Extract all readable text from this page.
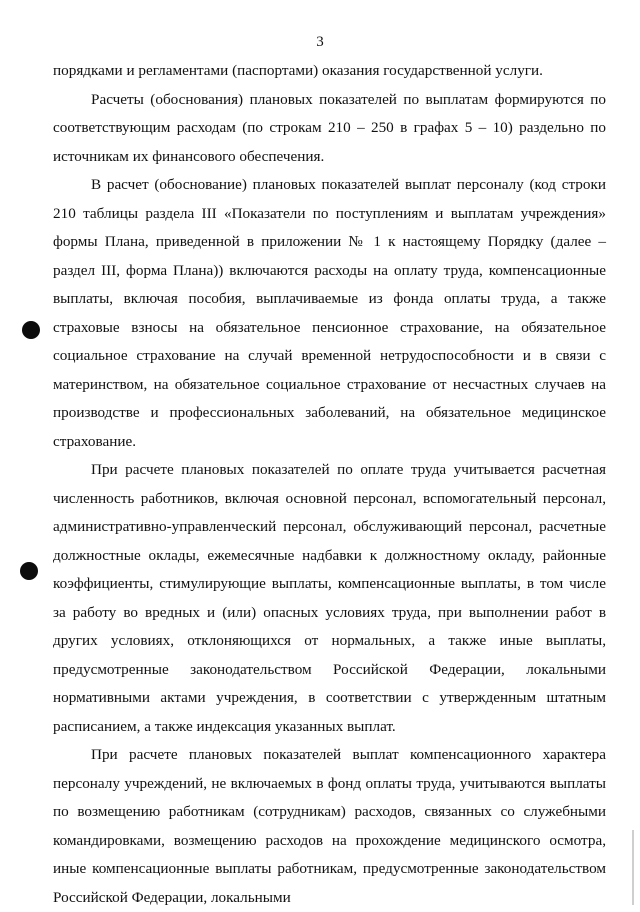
3

порядками и регламентами (паспортами) оказания государственной услуги.

Расчеты (обоснования) плановых показателей по выплатам формируются по соответствующим расходам (по строкам 210 – 250 в графах 5 – 10) раздельно по источникам их финансового обеспечения.

В расчет (обоснование) плановых показателей выплат персоналу (код строки 210 таблицы раздела III «Показатели по поступлениям и выплатам учреждения» формы Плана, приведенной в приложении № 1 к настоящему Порядку (далее – раздел III, форма Плана)) включаются расходы на оплату труда, компенсационные выплаты, включая пособия, выплачиваемые из фонда оплаты труда, а также страховые взносы на обязательное пенсионное страхование, на обязательное социальное страхование на случай временной нетрудоспособности и в связи с материнством, на обязательное социальное страхование от несчастных случаев на производстве и профессиональных заболеваний, на обязательное медицинское страхование.

При расчете плановых показателей по оплате труда учитывается расчетная численность работников, включая основной персонал, вспомогательный персонал, административно-управленческий персонал, обслуживающий персонал, расчетные должностные оклады, ежемесячные надбавки к должностному окладу, районные коэффициенты, стимулирующие выплаты, компенсационные выплаты, в том числе за работу во вредных и (или) опасных условиях труда, при выполнении работ в других условиях, отклоняющихся от нормальных, а также иные выплаты, предусмотренные законодательством Российской Федерации, локальными нормативными актами учреждения, в соответствии с утвержденным штатным расписанием, а также индексация указанных выплат.

При расчете плановых показателей выплат компенсационного характера персоналу учреждений, не включаемых в фонд оплаты труда, учитываются выплаты по возмещению работникам (сотрудникам) расходов, связанных со служебными командировками, возмещению расходов на прохождение медицинского осмотра, иные компенсационные выплаты работникам, предусмотренные законодательством Российской Федерации, локальными
